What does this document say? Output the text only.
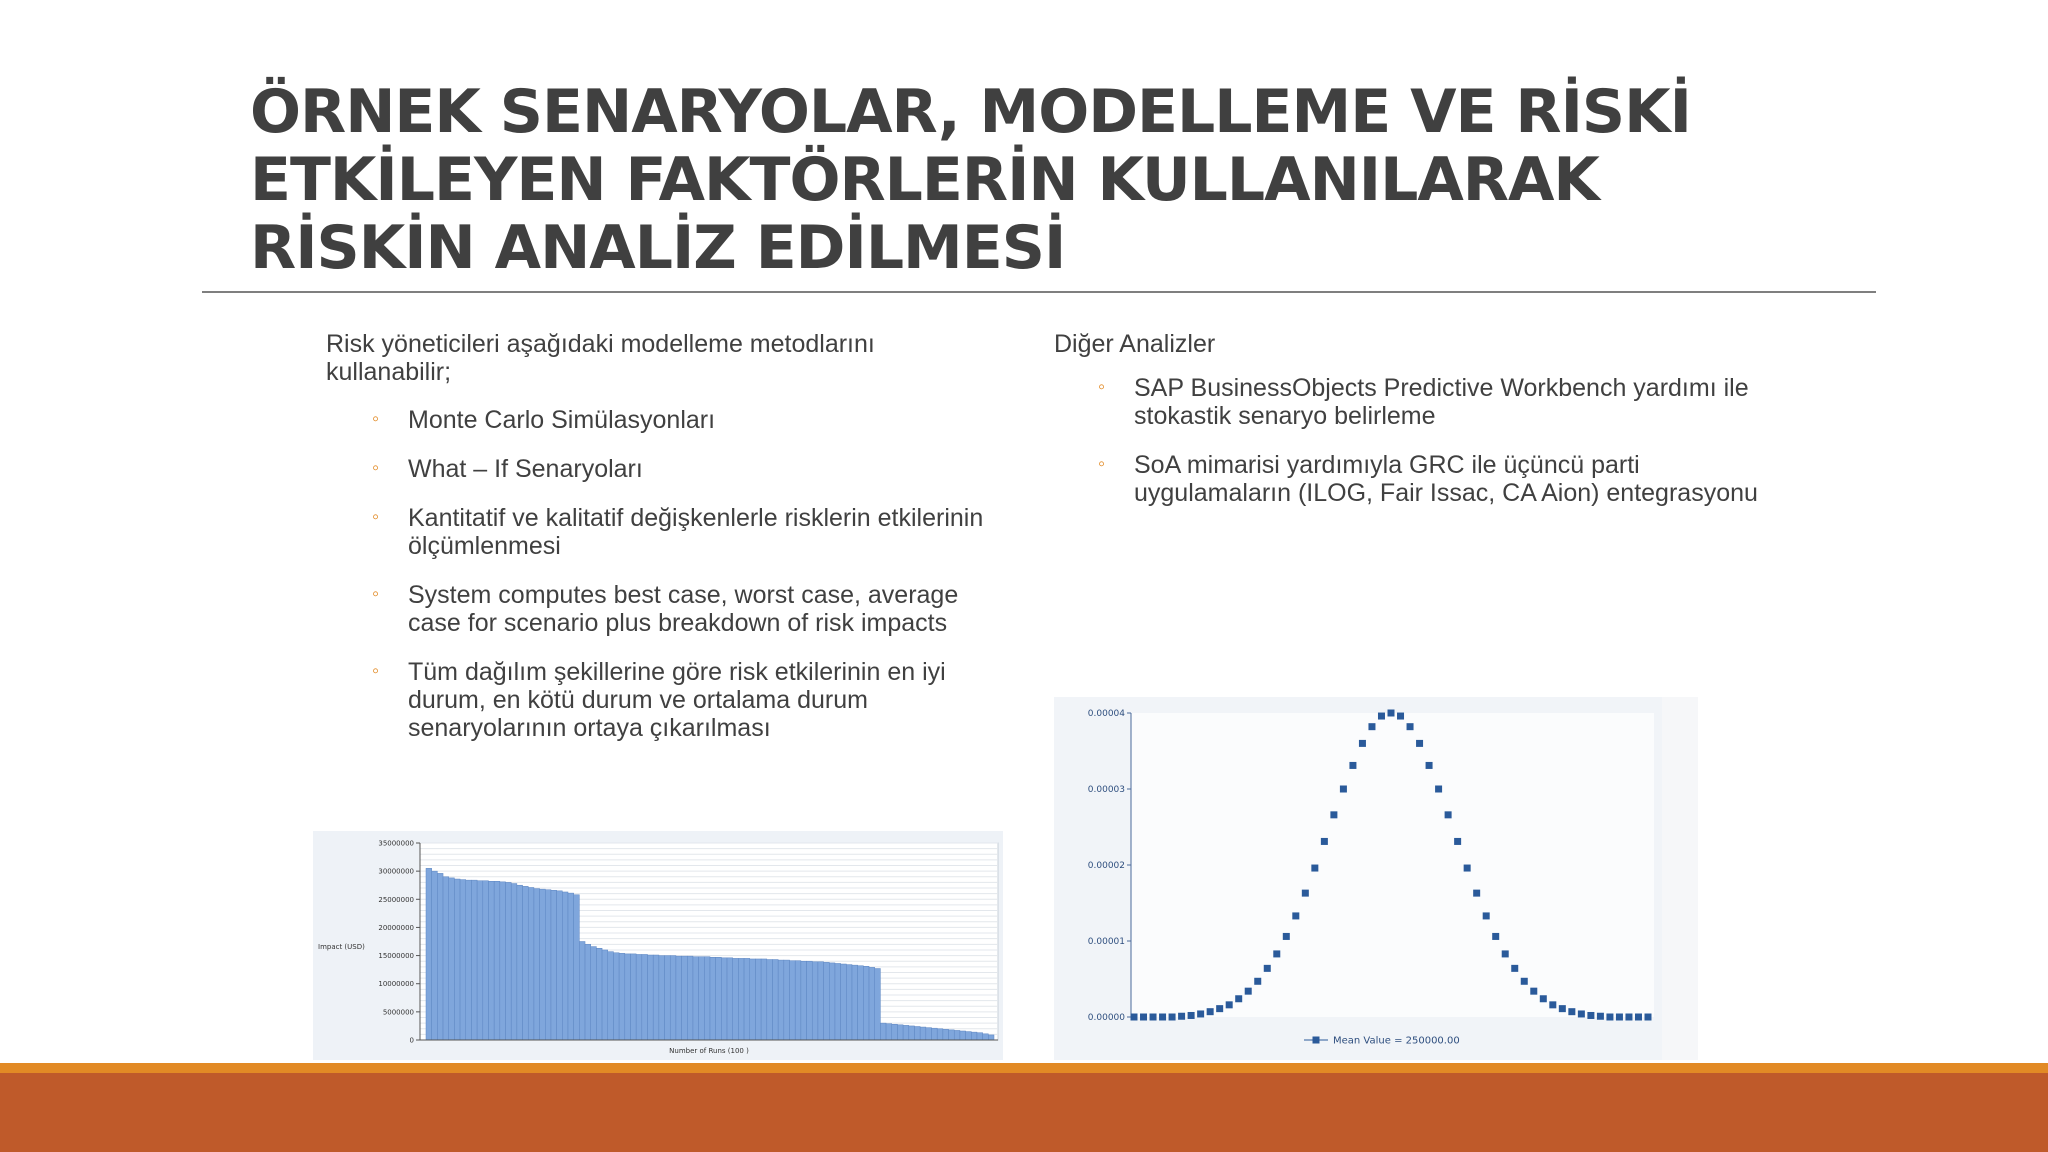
ÖRNEK SENARYOLAR, MODELLEME VE RİSKİ ETKİLEYEN FAKTÖRLERİN KULLANILARAK RİSKİN ANALİZ EDİLMESİ

Risk yöneticileri aşağıdaki modelleme metodlarını kullanabilir;

◦ Monte Carlo Simülasyonları
◦ What – If Senaryoları
◦ Kantitatif ve kalitatif değişkenlerle risklerin etkilerinin ölçümlenmesi
◦ System computes best case, worst case, average case for scenario plus breakdown of risk impacts
◦ Tüm dağılım şekillerine göre risk etkilerinin en iyi durum, en kötü durum ve ortalama durum senaryolarının ortaya çıkarılması

Diğer Analizler

◦ SAP BusinessObjects Predictive Workbench yardımı ile stokastik senaryo belirleme
◦ SoA mimarisi yardımıyla GRC ile üçüncü parti uygulamaların (ILOG, Fair Issac, CA Aion) entegrasyonu
0
5000000
10000000
15000000
20000000
25000000
30000000
35000000
Impact (USD)
Number of Runs (100 )
0.00000
0.00001
0.00002
0.00003
0.00004
Mean Value = 250000.00
